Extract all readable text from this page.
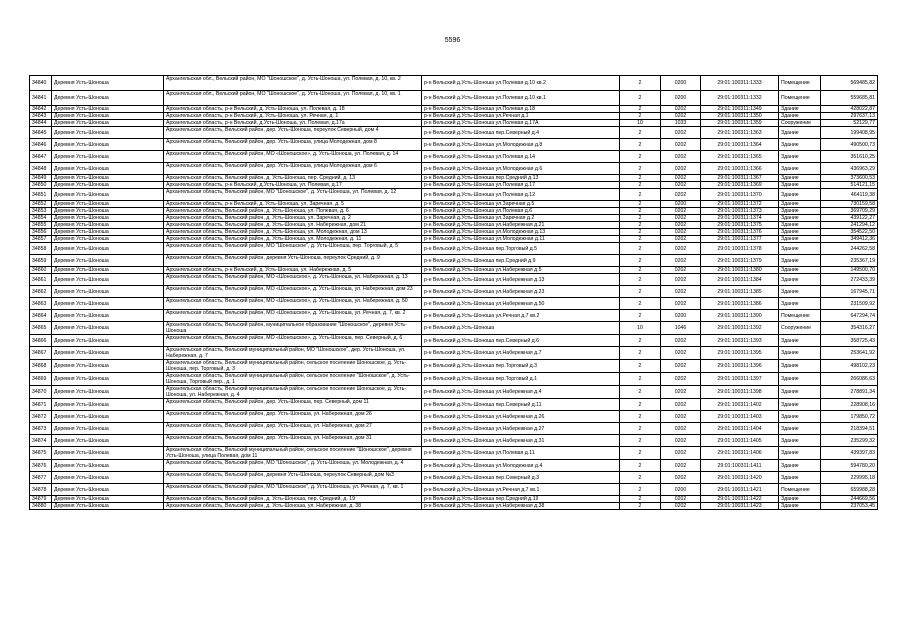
5596
34840	Деревня Усть-Шоноша	Архангельская обл., Вельский район, МО "Шоношское", д. Усть-Шоноша, ул. Полевая, д. 10, кв. 2	р-н Вельский д.Усть-Шоноша ул.Полевая д.10 кв.2	2	0200	29:01:100311:1333	Помещение	569485,82
34841	Деревня Усть-Шоноша	Архангельская обл., Вельский район, МО "Шоношское", д. Усть-Шоноша, ул. Полевая, д. 10, кв. 1	р-н Вельский д.Усть-Шоноша ул.Полевая д.10 кв.1	2	0200	29:01:100311:1332	Помещение	559685,81
34842	Деревня Усть-Шоноша	Архангельская область, р-н Вельский, д. Усть-Шоноша, ул. Полевая, д. 18	р-н Вельский д.Усть-Шоноша ул.Полевая д.18	2	0202	29:01:100311:1349	Здание	428022,87
34843	Деревня Усть-Шоноша	Архангельская область, р-н Вельский, д. Усть-Шоноша, ул. Речная, д. 1	р-н Вельский д.Усть-Шоноша ул.Речная д.1	2	0202	29:01:100311:1350	Здание	297637,13
34844	Деревня Усть-Шоноша	Архангельская область, р-н Вельский, д.Усть-Шоноша, ул. Полевая, д.17а	р-н Вельский д.Усть-Шоноша ул.Полевая д.17А	10	1033	29:01:100311:1359	Сооружение	52129,77
34845	Деревня Усть-Шоноша	Архангельская область, Вельский район, дер. Усть-Шоноша, переулок Северный, дом 4	р-н Вельский д.Усть-Шоноша пер.Северный д.4	2	0202	29:01:100311:1363	Здание	199408,95
34846	Деревня Усть-Шоноша	Архангельская область, Вельский район, дер. Усть-Шоноша, улица Молодежная, дом 8	р-н Вельский д.Усть-Шоноша ул.Молодежная д.8	2	0202	29:01:100311:1364	Здание	490500,73
34847	Деревня Усть-Шоноша	Архангельская область, Вельский район, МО «Шоношское», д. Усть-Шоноша, ул. Полевая, д. 14	р-н Вельский д.Усть-Шоноша ул.Полевая д.14	2	0202	29:01:100311:1365	Здание	351610,25
34848	Деревня Усть-Шоноша	Архангельская область, Вельский район, дер. Усть-Шоноша, улица Молодежная, дом 6	р-н Вельский д.Усть-Шоноша ул.Молодежная д.6	2	0202	29:01:100311:1366	Здание	436963,29
34849	Деревня Усть-Шоноша	Архангельская область, Вельский район, д. Усть-Шоноша, пер. Средний, д. 13	р-н Вельский д.Усть-Шоноша пер.Средний д.13	2	0202	29:01:100311:1367	Здание	373600,53
34850	Деревня Усть-Шоноша	Архангельская область, р-н Вельский, д.Усть-Шоноша, ул. Полевая, д.17	р-н Вельский д.Усть-Шоноша ул.Полевая д.17	2	0202	29:01:100311:1369	Здание	514121,15
34851	Деревня Усть-Шоноша	Архангельская область, Вельский район, МО "Шоношское", д. Усть-Шоноша, ул. Полевая, д. 12	р-н Вельский д.Усть-Шоноша ул.Полевая д.12	2	0202	29:01:100311:1370	Здание	464119,38
34852	Деревня Усть-Шоноша	Архангельская область, р-н Вельский, д. Усть-Шоноша, ул. Заречная, д. 5	р-н Вельский д.Усть-Шоноша ул.Заречная д.5	2	0200	29:01:100311:1372	Здание	730159,58
34853	Деревня Усть-Шоноша	Архангельская область, Вельский район, д. Усть-Шоноша, ул. Полевая, д. 6	р-н Вельский д.Усть-Шоноша ул.Полевая д.6	2	0202	29:01:100311:1373	Здание	369709,29
34854	Деревня Усть-Шоноша	Архангельская область, Вельский район, д. Усть-Шоноша, ул. Заречная, д. 2	р-н Вельский д.Усть-Шоноша ул.Заречная д.2	2	0202	29:01:100311:1374	Здание	439122,27
34855	Деревня Усть-Шоноша	Архангельская область, Вельский район, д. Усть-Шоноша, ул. Набережная, дом 21	р-н Вельский д.Усть-Шоноша ул.Набережная д.21	2	0202	29:01:100311:1375	Здание	241294,12
34856	Деревня Усть-Шоноша	Архангельская область, Вельский район, д. Усть-Шоноша, ул. Молодежная, дом 13	р-н Вельский д.Усть-Шоноша ул.Молодежная д.13	2	0202	29:01:100311:1376	Здание	354522,50
34857	Деревня Усть-Шоноша	Архангельская область, Вельский район, д. Усть-Шоноша, ул. Молодежная, д. 11	р-н Вельский д.Усть-Шоноша ул.Молодежная д.11	2	0202	29:01:100311:1377	Здание	349412,36
34858	Деревня Усть-Шоноша	Архангельская область, Вельский район, МО "Шоношское", д. Усть-Шоноша, пер. Торговый, д. 5	р-н Вельский д.Усть-Шоноша пер.Торговый д.5	2	0202	29:01:100311:1378	Здание	244262,58
34859	Деревня Усть-Шоноша	Архангельская область, Вельский район, деревня Усть-Шоноша, переулок Средний, д. 9	р-н Вельский д.Усть-Шоноша пер.Средний д.9	2	0202	29:01:100311:1379	Здание	235367,19
34860	Деревня Усть-Шоноша	Архангельская область, р-н Вельский, д. Усть-Шоноша, ул. Набережная, д. 5	р-н Вельский д.Усть-Шоноша ул.Набережная д.5	2	0202	29:01:100311:1380	Здание	149500,70
34861	Деревня Усть-Шоноша	Архангельская область, Вельский район, МО «Шоношское», д. Усть-Шоноша, ул. Набережная, д. 13	р-н Вельский д.Усть-Шоноша ул.Набережная д.13	2	0202	29:01:100311:1384	Здание	272433,39
34862	Деревня Усть-Шоноша	Архангельская область, Вельский район, МО «Шоношское», д. Усть-Шоноша, ул. Набережная, дом 23	р-н Вельский д.Усть-Шоноша ул.Набережная д.23	2	0202	29:01:100311:1385	Здание	167945,71
34863	Деревня Усть-Шоноша	Архангельская область, Вельский район, МО «Шоношское», д. Усть-Шоноша, ул. Набережная, д. 50	р-н Вельский д.Усть-Шоноша ул.Набережная д.50	2	0202	29:01:100311:1386	Здание	231509,92
34864	Деревня Усть-Шоноша	Архангельская область, Вельский район, МО «Шоношское», д. Усть-Шоноша, ул. Речная, д. 7, кв. 2	р-н Вельский д.Усть-Шоноша ул.Речная д.7 кв.2	2	0200	29:01:100311:1390	Помещение	647294,74
34865	Деревня Усть-Шоноша	Архангельская область, Вельский район, муниципальное образование "Шоношское", деревня Усть-Шоноша	р-н Вельский д.Усть-Шоноша	10	1046	29:01:100311:1392	Сооружение	354316,27
34866	Деревня Усть-Шоноша	Архангельская область, Вельский район, МО «Шоношское», д. Усть-Шоноша, пер. Северный, д. 6	р-н Вельский д.Усть-Шоноша пер.Северный д.6	2	0202	29:01:100311:1393	Здание	358725,43
34867	Деревня Усть-Шоноша	Архангельская область, Вельский муниципальный район, МО "Шоношское", дер. Усть-Шоноша, ул. Набережная, д. 7	р-н Вельский д.Усть-Шоноша ул.Набережная д.7	2	0202	29:01:100311:1395	Здание	253641,92
34868	Деревня Усть-Шоноша	Архангельская область, Вельский муниципальный район, сельское поселение Шоношское, д. Усть-Шоноша, пер. Торговый, д. 3	р-н Вельский д.Усть-Шоноша пер.Торговый д.3	2	0202	29:01:100311:1396	Здание	498102,23
34869	Деревня Усть-Шоноша	Архангельская область, Вельский муниципальный район, сельское поселение "Шоношское", д. Усть-Шоноша, Торговый пер., д. 1	р-н Вельский д.Усть-Шоноша пер.Торговый д.1	2	0202	29:01:100311:1397	Здание	266086,63
34870	Деревня Усть-Шоноша	Архангельская область, Вельский муниципальный район, сельское поселение Шоношское, д. Усть-Шоноша, ул. Набережная, д. 4	р-н Вельский д.Усть-Шоноша ул.Набережная д.4	2	0202	29:01:100311:1398	Здание	278891,34
34871	Деревня Усть-Шоноша	Архангельская область, Вельский район, дер. Усть-Шоноша, пер. Северный, дом 11	р-н Вельский д.Усть-Шоноша пер.Северный д.11	2	0202	29:01:100311:1402	Здание	228908,16
34872	Деревня Усть-Шоноша	Архангельская область, Вельский район, дер. Усть-Шоноша, ул. Набережная, дом 26	р-н Вельский д.Усть-Шоноша ул.Набережная д.26	2	0202	29:01:100311:1403	Здание	179850,72
34873	Деревня Усть-Шоноша	Архангельская область, Вельский район, дер. Усть-Шоноша, ул. Набережная, дом 27	р-н Вельский д.Усть-Шоноша ул.Набережная д.27	2	0202	29:01:100311:1404	Здание	218394,51
34874	Деревня Усть-Шоноша	Архангельская область, Вельский район, дер. Усть-Шоноша, ул. Набережная, дом 31	р-н Вельский д.Усть-Шоноша ул.Набережная д.31	2	0202	29:01:100311:1405	Здание	235299,32
34875	Деревня Усть-Шоноша	Архангельская область, Вельский муниципальный район, сельское поселение "Шоношское", деревня Усть-Шоноша, улица Полевая, дом 11	р-н Вельский д.Усть-Шоноша ул.Полевая д.11	2	0202	29:01:100311:1406	Здание	439397,83
34876	Деревня Усть-Шоноша	Архангельская область, Вельский район, МО "Шоношское", д. Усть-Шоноша, ул. Молодежная, д. 4	р-н Вельский д.Усть-Шоноша ул.Молодежная д.4	2	0202	29:01:100311:1411	Здание	594780,20
34877	Деревня Усть-Шоноша	Архангельская область, Вельский район, деревня Усть-Шоноша, переулок Северный, дом №3	р-н Вельский д.Усть-Шоноша пер.Северный д.3	2	0202	29:01:100311:1420	Здание	229995,18
34878	Деревня Усть-Шоноша	Архангельская область, Вельский район, МО "Шоношское", д. Усть-Шоноша, ул. Речная, д. 7, кв. 1	р-н Вельский д.Усть-Шоноша ул.Речная д.7 кв.1	2	0200	29:01:100311:1421	Помещение	659988,28
34879	Деревня Усть-Шоноша	Архангельская область, Вельский район, д. Усть-Шоноша, пер. Средний, д. 19	р-н Вельский д.Усть-Шоноша пер.Средний д.19	2	0202	29:01:100311:1422	Здание	244669,56
34880	Деревня Усть-Шоноша	Архангельская область, Вельский район, д. Усть-Шоноша, ул. Набережная, д. 38	р-н Вельский д.Усть-Шоноша ул.Набережная д.38	2	0202	29:01:100311:1423	Здание	237053,45
